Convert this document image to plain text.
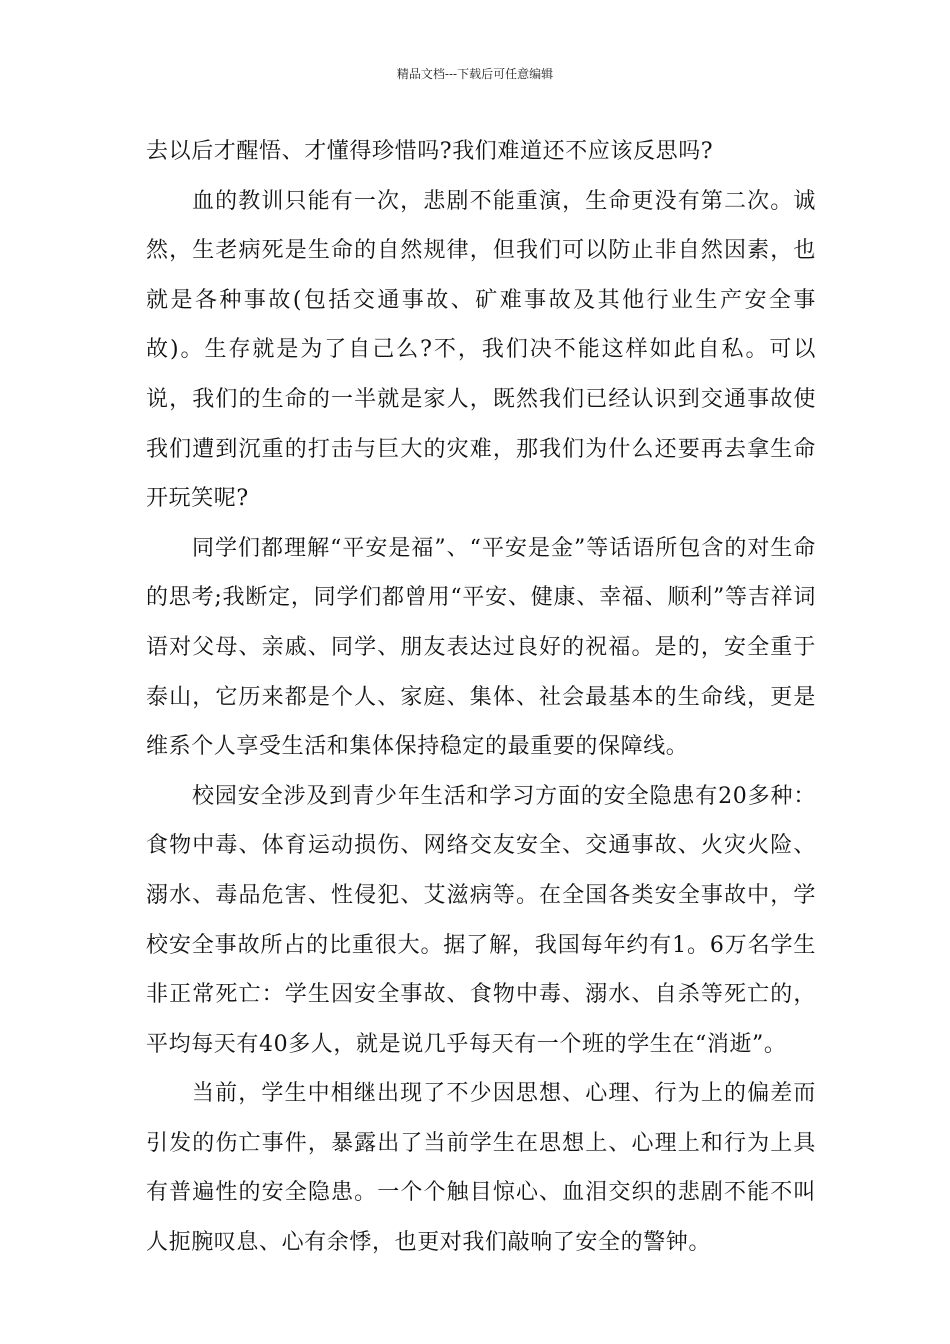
精品文档---下载后可任意编辑

去以后才醒悟、才懂得珍惜吗?我们难道还不应该反思吗?

血的教训只能有一次，悲剧不能重演，生命更没有第二次。诚然，生老病死是生命的自然规律，但我们可以防止非自然因素，也就是各种事故(包括交通事故、矿难事故及其他行业生产安全事故)。生存就是为了自己么?不，我们决不能这样如此自私。可以说，我们的生命的一半就是家人，既然我们已经认识到交通事故使我们遭到沉重的打击与巨大的灾难，那我们为什么还要再去拿生命开玩笑呢?

同学们都理解“平安是福”、“平安是金”等话语所包含的对生命的思考;我断定，同学们都曾用“平安、健康、幸福、顺利”等吉祥词语对父母、亲戚、同学、朋友表达过良好的祝福。是的，安全重于泰山，它历来都是个人、家庭、集体、社会最基本的生命线，更是维系个人享受生活和集体保持稳定的最重要的保障线。

校园安全涉及到青少年生活和学习方面的安全隐患有20多种：食物中毒、体育运动损伤、网络交友安全、交通事故、火灾火险、溺水、毒品危害、性侵犯、艾滋病等。在全国各类安全事故中，学校安全事故所占的比重很大。据了解，我国每年约有1。6万名学生非正常死亡：学生因安全事故、食物中毒、溺水、自杀等死亡的，平均每天有40多人，就是说几乎每天有一个班的学生在“消逝”。

当前，学生中相继出现了不少因思想、心理、行为上的偏差而引发的伤亡事件，暴露出了当前学生在思想上、心理上和行为上具有普遍性的安全隐患。一个个触目惊心、血泪交织的悲剧不能不叫人扼腕叹息、心有余悸，也更对我们敲响了安全的警钟。
